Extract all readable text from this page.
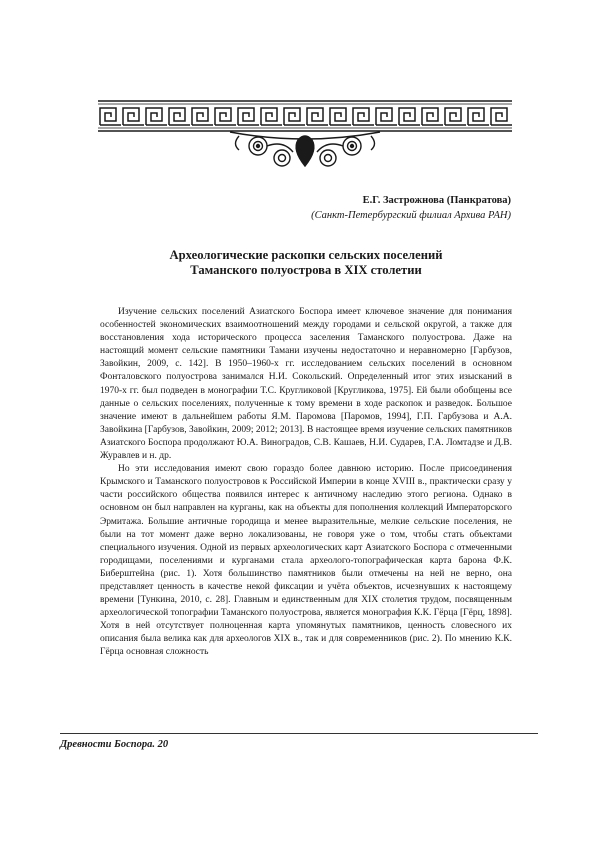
Е.Г. Застрожнова (Панкратова)
(Санкт-Петербургский филиал Архива РАН)
Археологические раскопки сельских поселений
Таманского полуострова в XIX столетии

Изучение сельских поселений Азиатского Боспора имеет ключевое значение для понимания особенностей экономических взаимоотношений между городами и сельской округой, а также для восстановления хода исторического процесса заселения Таманского полуострова. Даже на настоящий момент сельские памятники Тамани изучены недостаточно и неравномерно [Гарбузов, Завойкин, 2009, с. 142]. В 1950–1960-х гг. исследованием сельских поселений в основном Фонталовского полуострова занимался Н.И. Сокольский. Определенный итог этих изысканий в 1970-х гг. был подведен в монографии Т.С. Кругликовой [Кругликова, 1975]. Ей были обобщены все данные о сельских поселениях, полученные к тому времени в ходе раскопок и разведок. Большое значение имеют в дальнейшем работы Я.М. Паромова [Паромов, 1994], Г.П. Гарбузова и А.А. Завойкина [Гарбузов, Завойкин, 2009; 2012; 2013]. В настоящее время изучение сельских памятников Азиатского Боспора продолжают Ю.А. Виноградов, С.В. Кашаев, Н.И. Сударев, Г.А. Ломтадзе и Д.В. Журавлев и н. др.

Но эти исследования имеют свою гораздо более давнюю историю. После присоединения Крымского и Таманского полуостровов к Российской Империи в конце XVIII в., практически сразу у части российского общества появился интерес к античному наследию этого региона. Однако в основном он был направлен на курганы, как на объекты для пополнения коллекций Императорского Эрмитажа. Большие античные городища и менее выразительные, мелкие сельские поселения, не были на тот момент даже верно локализованы, не говоря уже о том, чтобы стать объектами специального изучения. Одной из первых археологических карт Азиатского Боспора с отмеченными городищами, поселениями и курганами стала археолого-топографическая карта барона Ф.К. Биберштейна (рис. 1). Хотя большинство памятников были отмечены на ней не верно, она представляет ценность в качестве некой фиксации и учёта объектов, исчезнувших к настоящему времени [Тункина, 2010, с. 28]. Главным и единственным для XIX столетия трудом, посвященным археологической топографии Таманского полуострова, является монография К.К. Гёрца [Гёрц, 1898]. Хотя в ней отсутствует полноценная карта упомянутых памятников, ценность словесного их описания была велика как для археологов XIX в., так и для современников (рис. 2). По мнению К.К. Гёрца основная сложность

Древности Боспора. 20
